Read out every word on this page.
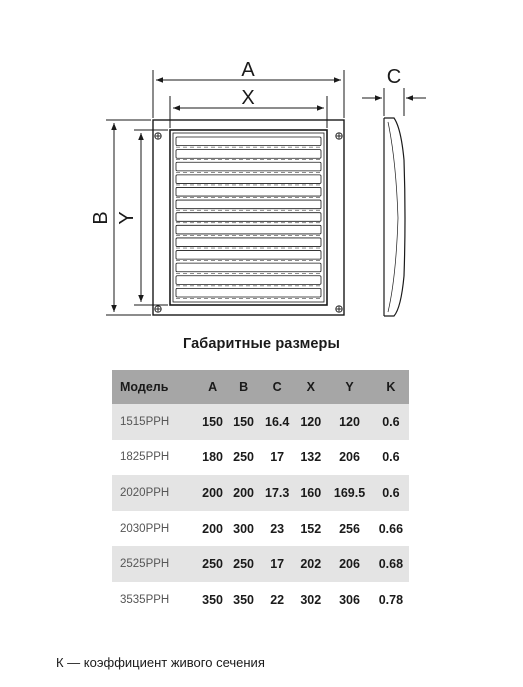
A
X
B Y
C
Габаритные размеры
Модель	A	B	C	X	Y	K
1515PPH	150	150	16.4	120	120	0.6
1825PPH	180	250	17	132	206	0.6
2020PPH	200	200	17.3	160	169.5	0.6
2030PPH	200	300	23	152	256	0.66
2525PPH	250	250	17	202	206	0.68
3535PPH	350	350	22	302	306	0.78
К — коэффициент живого сечения
